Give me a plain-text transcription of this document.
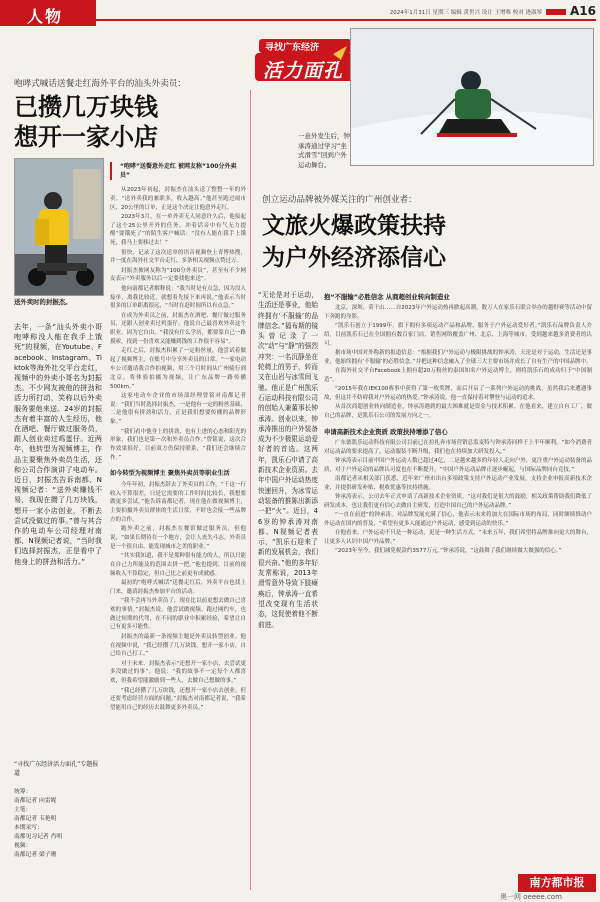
人物	2024年1月31日 星期三 编辑 黄世兴 设计 王增唯 校对 逄淑琴 A16
寻找广东经济
活力面孔
咆哮式喊话送餐走红海外平台的汕头外卖员：
已攒几万块钱
想开一家小店
送外卖时的封振杰。
去年，一条“汕头外卖小哥咆哮称没人能在我手上饿死”的视频，在Youtube、Facebook、Instagram、Tiktok等海外社交平台走红，视频中的外卖小哥名为封振杰。不少网友被他的拼劲和活力所打动，笑称以后外卖服务要他来送。24岁的封振杰有着丰富的人生经历，他在酒吧、餐厅做过服务员，跟人创业卖过鸡蛋仔。近两年，他转型为视频博主，作品主要聚焦外卖员生活，还和公司合作演讲了电动车。近日，封振杰告诉南都、N视频记者：“送外卖赚钱不易，我现在攒了几万块钱，想开一家小店创业，不断去尝试没做过的事。”曾与其合作的电动车公司经理对南都、N视频记者说，“当时我们选择封振杰，正是看中了他身上的拼劲和活力。”
“寻找广东经济活力面孔”专题报道
统筹：
南都记者 向雷妮
主笔：
南都记者 韦艳明
本期采写：
南都见习记者 肖明
视频：
南都记者 梁子珊
“咆哮”送餐意外走红 被网友称“100分外卖员”

从2023年初起，封振杰在汕头送了整整一年的外卖。“送外卖我的兼职多，收入越高。”他甚至跑过闹市区、20公里的订单，正是这个决定让他意外走红。

2023年3月，在一单外卖无人同意许久后，他接起了这个25公里开外的任务。冲着话音中有气无力提醒“要饿死了”的陌生客户喊话：“没有人能在我手上饿死，我马上要移过去！”

很快，记录了这次送单的语音视频登上青博热搜，并一度在海外社交平台走红，多条相关视频点赞过万。

封振杰被网友称为“100分外卖员”，甚至有不少网友表示“外卖服务以后一定要找他来送”。

他向南都记者解释说：“我当时是有点急，因为没人接单，离我比较近，就想着先接下来再说。”他表示当时很多的订单距离很远，“当时在赶时间所以有点急。”

在成为外卖员之前，封振杰在酒吧、餐厅做过服务员，还跟人创业卖过鸡蛋仔。他说自己最喜欢外卖这个职业，因为它自由，“我没有什么学历，都要靠自己一路摸索，找到一份喜欢又能赚到钱的工作很不容易”。

走红之后，封振杰积累了一定粉丝量，他尝试着做起了视频博主，在账号中分享外卖员的日常。“一家电动车公司邀请我合作拍视频，用三个月时间从广州骑行到北京，将体验拍摄为视频，让广东品牌一路传播500km。”

这家电动车企业的市场部经理曾铭对南都记者说：“我们当时选择封振杰，一是他有一定的粉丝基础，二是他很有拼劲和活力，正是我们想要传播的品牌形象。”

“我们看中他身上的拼劲，也有上进的心态和阳光的形象，我们也是第一次和外卖员合作。”曾铭说，这次合作效果很好，目前双方仍保持联系，“我们还会继续合作。”

如今转型为视频博主 聚焦外卖员等职业生活

今年年初，封振杰辞去了外卖员的工作。“干这一行收入不算很差，只是它需要的工作时间比较长，我想要做更多尝试。”他告诉南都记者，现在他在做视频博主，主要拍摄外卖员群体的生活日常，不时也会接一些品牌方的合作。

跑外卖之前，封振杰在餐馆做过服务员，但他说，“如果长期待在一个地方，会让人丧失斗志。外卖员是一个很自由、能发现城市之美的职业。”

“其实我知道，我不是那种很有能力的人，所以只能在自己力所能及的范围去拼一把。”他也提到，目前的视频收入不算稳定，但自己比之前更有成就感。

最初的“咆哮式喊话”送餐走红后，外卖平台也找上门来，邀请封振杰参加平台的活动。

“我不会再当外卖员了，现在比以前更想去做自己喜欢的事情。”封振杰说，他尝试做视频、跑过网约车，也做过短期的代驾，在不同的职业中积累经验，希望让自己有更多可能性。

封振杰的最新一条视频主题是外卖员转型创业。他在视频中说，“我已经攒了几万块钱，想开一家小店，自己给自己打工。”

对于未来，封振杰表示“还想开一家小店，去尝试更多没做过的事”。他说：“我的故事不一定每个人都喜欢，但我希望能激励到一些人，去做自己想做的事。”

“我已经攒了几万块钱，还想开一家小店去创业，但还要考虑经营方面的问题。”封振杰对南都记者说，“我希望能用自己的经历去鼓舞更多外卖员。”

一意外发生后，钟承涛通过学习“坐式滑雪”回到户外运动舞台。
创立运动品牌被外媒关注的广州创业者：
文旅火爆政策扶持
为户外经济添信心
“无论是对于运动，生活还是事业，他始终拥有‘不服输’的品牌信念。”福布斯的镜头曾记录了一次“动”与“静”的强烈冲突：一名沉静坐在轮椅上的男子，转而又在山岩与冰雪间飞驰。他正是广州凯乐石运动科技有限公司的创始人兼董事长钟承涛。创业以来，钟承涛推出的户外装备成为不少极限运动爱好者的首选。这两年，凯乐石申请了高新技术企业资质。去年中国户外运动热度快速回升，为冰雪运动装备的推陈出新添一把“火”。近日，46岁的钟承涛对南都、N视频记者表示，“凯乐石迎来了新的发展机会，我们很兴奋。”他的多年好友常称说，2013年滑雪意外导致下肢瘫痪后，钟承涛一直希望改变现有生活状态，这促使着他不断前进。
抱“不服输”必胜信念 从商超创业转向制造业

北京、深圳、莫干山……自2023年户外运动热再掀起高潮，数万人在家乐石联合举办的越野赛等活动中留下奔跑的身影。

“凯乐石创立于1999年，旗下拥有多项运动产品和品牌，服务于户外运动爱好者。”凯乐石品牌负责人介绍，目前凯乐石已在全国拥有数百家门店，销售网络覆盖广州、北京、上海等城市，受到越来越多消费者的认可。

据市场中国对外称新的报道信息：“根据我们户外运动与极限挑战的钟承涛，天论是对于运动，生活还是事业，他始终拥有‘不服输’的必胜信念。”并把这种信念融入了全球三大主要市场并成长了自有生产的中国品牌中。

在海外社交平台Facebook上拥有超20万粉丝的泰国知名户外运动博主，则将凯乐石的成功归于“中国制造”。

“2015年我在IEK100赛事中获得了第一枚奖牌，而后开启了一系列户外运动的挑战。虽然我后来遭遇事故，但这并不妨碍我对户外运动的热爱。”钟承涛说，他一直保持着对攀登与运动的追求。

从首次商超创业转向制造业，钟承涛遇到的最大困难就是资金与技术积累。在他看来，建立自有工厂，做自己的品牌，是凯乐石公司的发展方向之一。

申请高新技术企业资质 政策扶持增添了信心

广东德凯乐运动科技有限公司目前已在拉扎奔市场营销总监麦特与钟承涛同样于上半年顺利，“如今消费者对运动品的要求提高了，运动服装不断升级，我们也在持续加大研发投入。”

钟承涛表示目前中国户外运动人数已超过4亿，二是越来越多的年轻人走向户外，更注重户外运动装备的品质，对于户外运动的品牌认可度也在不断提升。“中国户外运动品牌正逐步崛起，与国际品牌同台竞技。”

南都记者从相关部门获悉，近年来广州市出台多项政策支持户外运动产业发展，支持企业申报高新技术企业，并提供研发补贴、税收优惠等扶持措施。

钟承涛表示，公司去年正式申请了高新技术企业资质，“这对我们是很大的鼓励，相关政策帮助我们降低了研发成本，也让我们更有信心去做自主研发，打造中国自己的户外运动品牌。”

“一直在前进”的钟承涛，对品牌发展充满了信心，他表示未来将加大在国际市场的布局，同时继续推动户外运动在国内的普及，“希望有更多人能通过户外运动，感受到运动的快乐。”

在他看来，户外运动不只是一种运动，更是一种生活方式。“未来五年，我们希望将品牌推向更大的舞台，让更多人认识中国户外品牌。”

“2023年至今，我们减免税款约3577万元。”钟承涛说，“这鼓舞了我们继续做大做强的信心。”

南方都市报
奥一网 oeeee.com
